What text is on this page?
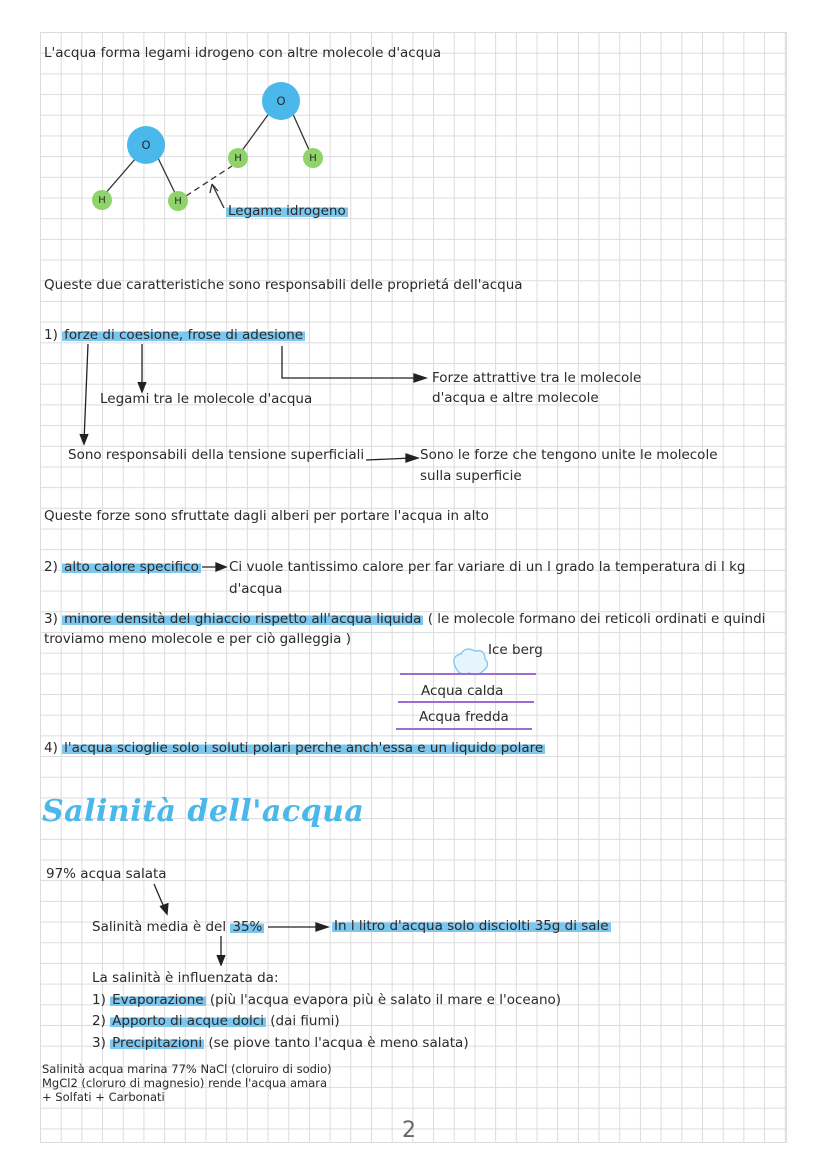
L'acqua forma legami idrogeno con altre molecole d'acqua
O
O
H	H
H	H
Legame idrogeno
Queste due caratteristiche sono responsabili delle proprietá dell'acqua
1) forze di coesione, frose di adesione
Legami tra le molecole d'acqua
Forze attrattive tra le molecole
d'acqua e altre molecole
Sono responsabili della tensione superficiali	Sono le forze che tengono unite le molecole
sulla superficie
Queste forze sono sfruttate dagli alberi per portare l'acqua in alto
2) alto calore specifico Ci vuole tantissimo calore per far variare di un l grado la temperatura di l kg
d'acqua
3) minore densità del ghiaccio rispetto all'acqua liquida ( le molecole formano dei reticoli ordinati e quindi
troviamo meno molecole e per ciò galleggia )
Ice berg
Acqua calda
Acqua fredda
4) l'acqua scioglie solo i soluti polari perche anch'essa e un liquido polare
Salinità dell'acqua
97% acqua salata
Salinità media è del 35%	In l litro d'acqua solo disciolti 35g di sale
La salinità è influenzata da:
1) Evaporazione (più l'acqua evapora più è salato il mare e l'oceano)
2) Apporto di acque dolci (dai fiumi)
3) Precipitazioni (se piove tanto l'acqua è meno salata)
Salinità acqua marina 77% NaCl (cloruiro di sodio)
MgCl2 (cloruro di magnesio) rende l'acqua amara
+ Solfati + Carbonati
2
